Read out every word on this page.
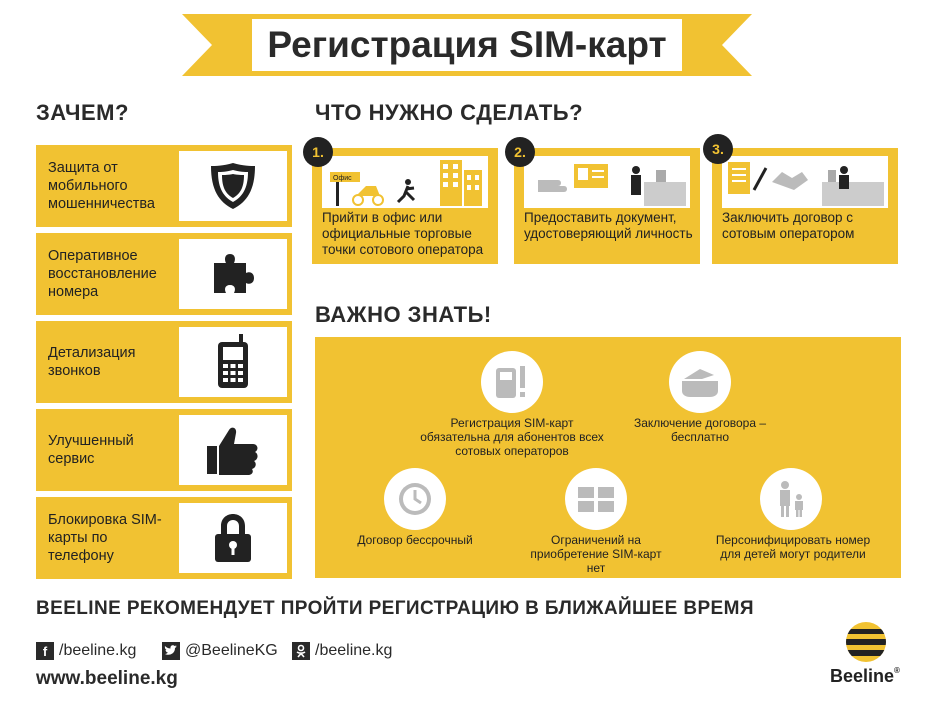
Регистрация SIM-карт
ЗАЧЕМ?
Защита от мобильного мошенничества
Оперативное восстановление номера
Детализация звонков
Улучшенный сервис
Блокировка SIM-карты по телефону
ЧТО НУЖНО СДЕЛАТЬ?
Офис
Прийти в офис или официальные торговые точки сотового оператора
1.
Предоставить документ, удостоверяющий личность
2.
Заключить договор с сотовым оператором
3.
ВАЖНО ЗНАТЬ!
Регистрация SIM-карт обязательна для абонентов всех сотовых операторов
Заключение договора – бесплатно
Договор бессрочный	Ограничений на приобретение SIM-карт нет
Персонифицировать номер для детей могут родители
BEELINE РЕКОМЕНДУЕТ ПРОЙТИ РЕГИСТРАЦИЮ В БЛИЖАЙШЕЕ ВРЕМЯ
f /beeline.kg	@BeelineKG /beeline.kg
www.beeline.kg	Beeline®
